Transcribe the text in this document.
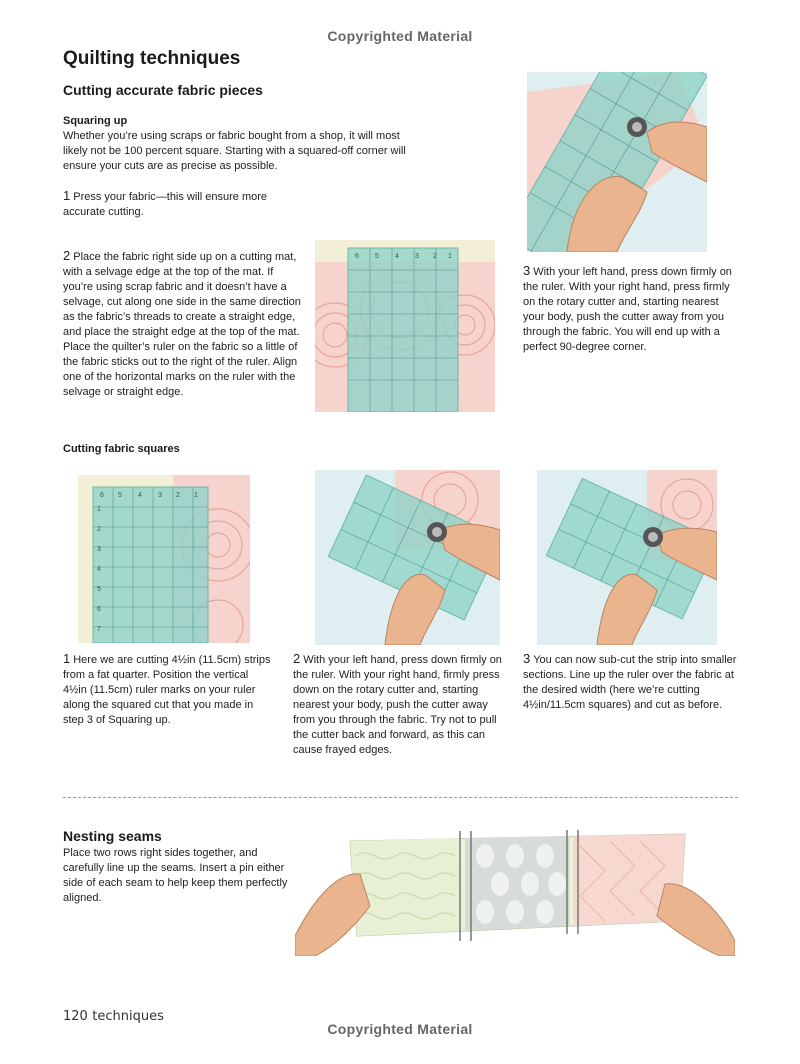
Copyrighted Material
Quilting techniques
Cutting accurate fabric pieces
Squaring up
Whether you’re using scraps or fabric bought from a shop, it will most likely not be 100 percent square. Starting with a squared-off corner will ensure your cuts are as precise as possible.
1 Press your fabric—this will ensure more accurate cutting.
2 Place the fabric right side up on a cutting mat, with a selvage edge at the top of the mat. If you’re using scrap fabric and it doesn’t have a selvage, cut along one side in the same direction as the fabric’s threads to create a straight edge, and place the straight edge at the top of the mat. Place the quilter’s ruler on the fabric so a little of the fabric sticks out to the right of the ruler. Align one of the horizontal marks on the ruler with the selvage or straight edge.
3 With your left hand, press down firmly on the ruler. With your right hand, press firmly on the rotary cutter and, starting nearest your body, push the cutter away from you through the fabric. You will end up with a perfect 90-degree corner.
6 5 4 3 2 1
Cutting fabric squares
6 5 4 3 2 1
1
2
3
4
5
6
7
1 Here we are cutting 4½in (11.5cm) strips from a fat quarter. Position the vertical 4½in (11.5cm) ruler marks on your ruler along the squared cut that you made in step 3 of Squaring up.
2 With your left hand, press down firmly on the ruler. With your right hand, firmly press down on the rotary cutter and, starting nearest your body, push the cutter away from you through the fabric. Try not to pull the cutter back and forward, as this can cause frayed edges.
3 You can now sub-cut the strip into smaller sections. Line up the ruler over the fabric at the desired width (here we’re cutting 4½in/11.5cm squares) and cut as before.
Nesting seams
Place two rows right sides together, and carefully line up the seams. Insert a pin either side of each seam to help keep them perfectly aligned.
120 techniques
Copyrighted Material
